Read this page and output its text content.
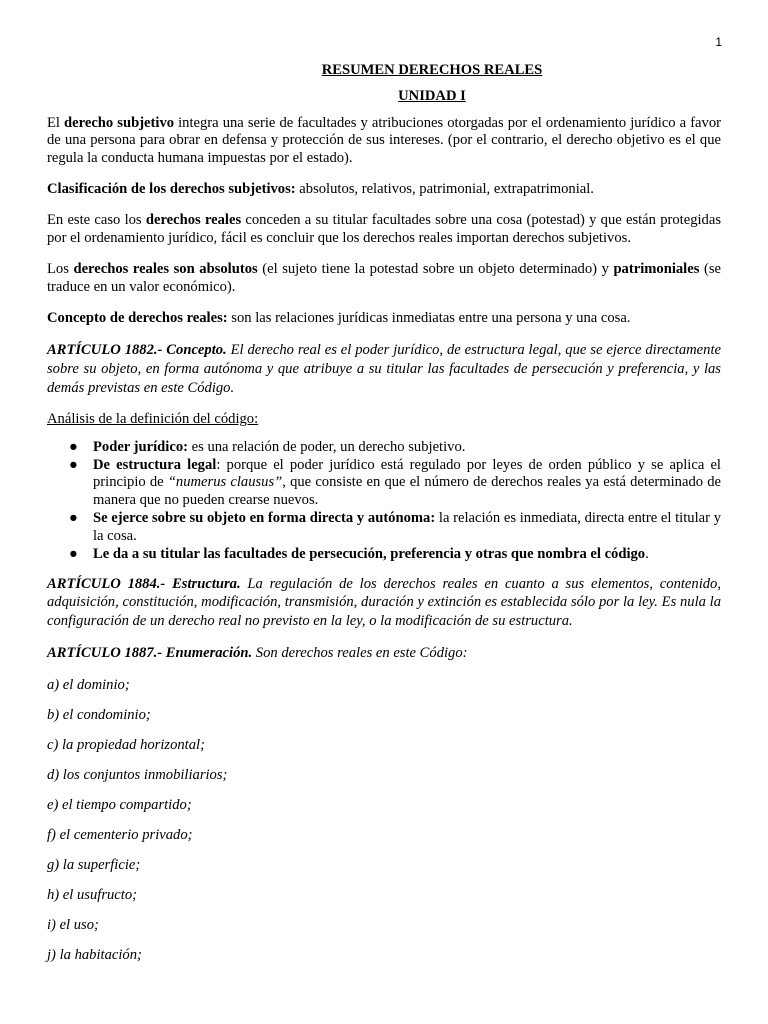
1
RESUMEN DERECHOS REALES
UNIDAD I

El derecho subjetivo integra una serie de facultades y atribuciones otorgadas por el ordenamiento jurídico a favor de una persona para obrar en defensa y protección de sus intereses. (por el contrario, el derecho objetivo es el que regula la conducta humana impuestas por el estado).

Clasificación de los derechos subjetivos: absolutos, relativos, patrimonial, extrapatrimonial.

En este caso los derechos reales conceden a su titular facultades sobre una cosa (potestad) y que están protegidas por el ordenamiento jurídico, fácil es concluir que los derechos reales importan derechos subjetivos.

Los derechos reales son absolutos (el sujeto tiene la potestad sobre un objeto determinado) y patrimoniales (se traduce en un valor económico).

Concepto de derechos reales: son las relaciones jurídicas inmediatas entre una persona y una cosa.

ARTÍCULO 1882.- Concepto. El derecho real es el poder jurídico, de estructura legal, que se ejerce directamente sobre su objeto, en forma autónoma y que atribuye a su titular las facultades de persecución y preferencia, y las demás previstas en este Código.

Análisis de la definición del código:

● Poder jurídico: es una relación de poder, un derecho subjetivo.
● De estructura legal: porque el poder jurídico está regulado por leyes de orden público y se aplica el principio de “numerus clausus”, que consiste en que el número de derechos reales ya está determinado de manera que no pueden crearse nuevos.
● Se ejerce sobre su objeto en forma directa y autónoma: la relación es inmediata, directa entre el titular y la cosa.
● Le da a su titular las facultades de persecución, preferencia y otras que nombra el código.

ARTÍCULO 1884.- Estructura. La regulación de los derechos reales en cuanto a sus elementos, contenido, adquisición, constitución, modificación, transmisión, duración y extinción es establecida sólo por la ley. Es nula la configuración de un derecho real no previsto en la ley, o la modificación de su estructura.

ARTÍCULO 1887.- Enumeración. Son derechos reales en este Código:

a) el dominio;
b) el condominio;
c) la propiedad horizontal;
d) los conjuntos inmobiliarios;
e) el tiempo compartido;
f) el cementerio privado;
g) la superficie;
h) el usufructo;
i) el uso;
j) la habitación;
